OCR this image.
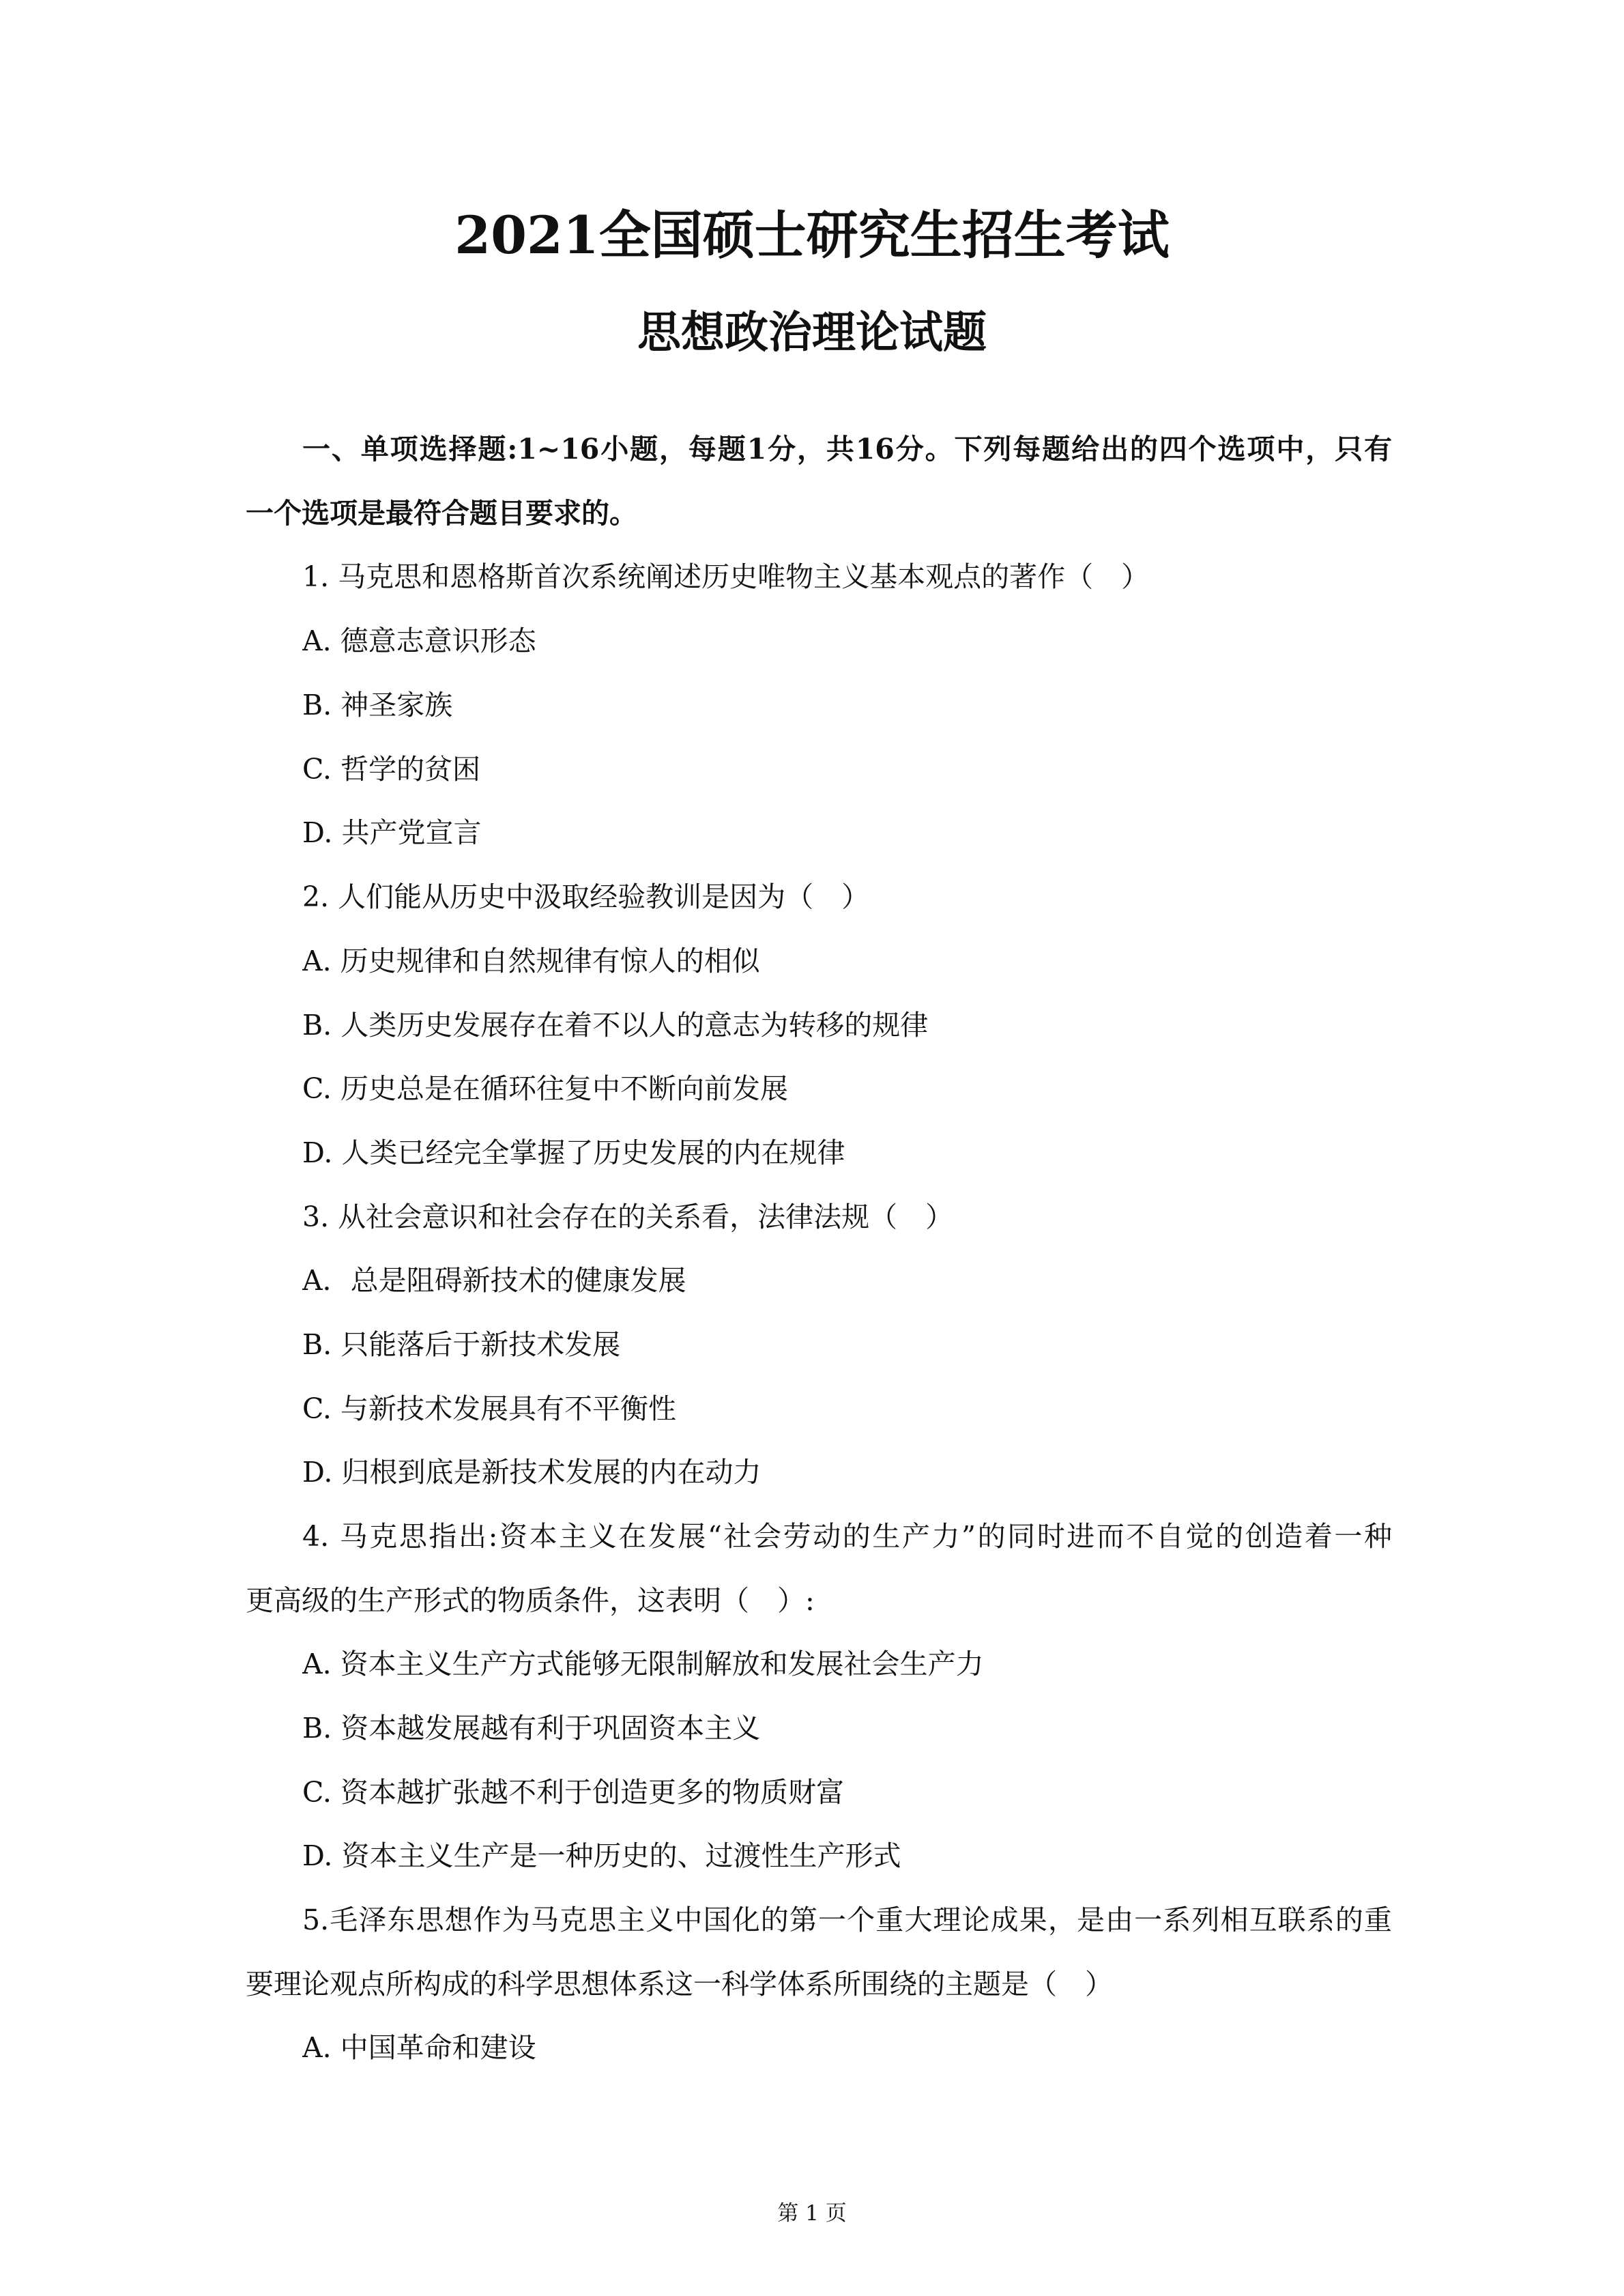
2021全国硕士研究生招生考试
思想政治理论试题
一、单项选择题:1~16小题，每题1分，共16分。下列每题给出的四个选项中，只有
一个选项是最符合题目要求的。
1. 马克思和恩格斯首次系统阐述历史唯物主义基本观点的著作（　）
A. 德意志意识形态
B. 神圣家族
C. 哲学的贫困
D. 共产党宣言
2. 人们能从历史中汲取经验教训是因为（　）
A. 历史规律和自然规律有惊人的相似
B. 人类历史发展存在着不以人的意志为转移的规律
C. 历史总是在循环往复中不断向前发展
D. 人类已经完全掌握了历史发展的内在规律
3. 从社会意识和社会存在的关系看，法律法规（　）
A．总是阻碍新技术的健康发展
B. 只能落后于新技术发展
C. 与新技术发展具有不平衡性
D. 归根到底是新技术发展的内在动力
4. 马克思指出:资本主义在发展“社会劳动的生产力”的同时进而不自觉的创造着一种
更高级的生产形式的物质条件，这表明（　）:
A. 资本主义生产方式能够无限制解放和发展社会生产力
B. 资本越发展越有利于巩固资本主义
C. 资本越扩张越不利于创造更多的物质财富
D. 资本主义生产是一种历史的、过渡性生产形式
5.毛泽东思想作为马克思主义中国化的第一个重大理论成果，是由一系列相互联系的重
要理论观点所构成的科学思想体系这一科学体系所围绕的主题是（　）
A. 中国革命和建设
第 1 页
